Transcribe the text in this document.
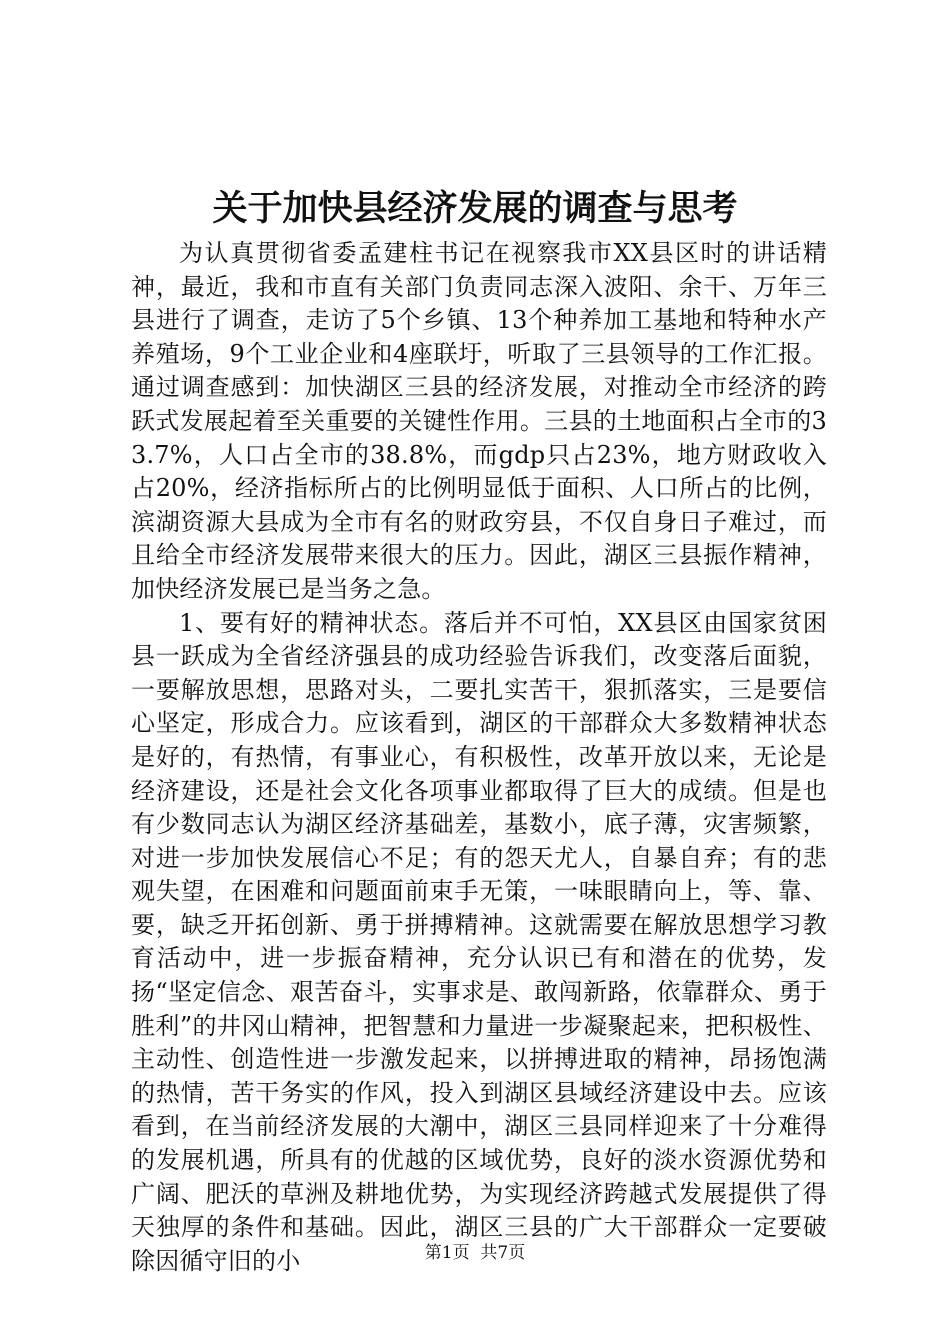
关于加快县经济发展的调查与思考

为认真贯彻省委孟建柱书记在视察我市XX县区时的讲话精神，最近，我和市直有关部门负责同志深入波阳、余干、万年三县进行了调查，走访了5个乡镇、13个种养加工基地和特种水产养殖场，9个工业企业和4座联圩，听取了三县领导的工作汇报。通过调查感到：加快湖区三县的经济发展，对推动全市经济的跨跃式发展起着至关重要的关键性作用。三县的土地面积占全市的33.7%，人口占全市的38.8%，而gdp只占23%，地方财政收入占20%，经济指标所占的比例明显低于面积、人口所占的比例，滨湖资源大县成为全市有名的财政穷县，不仅自身日子难过，而且给全市经济发展带来很大的压力。因此，湖区三县振作精神，加快经济发展已是当务之急。

1、要有好的精神状态。落后并不可怕，XX县区由国家贫困县一跃成为全省经济强县的成功经验告诉我们，改变落后面貌，一要解放思想，思路对头，二要扎实苦干，狠抓落实，三是要信心坚定，形成合力。应该看到，湖区的干部群众大多数精神状态是好的，有热情，有事业心，有积极性，改革开放以来，无论是经济建设，还是社会文化各项事业都取得了巨大的成绩。但是也有少数同志认为湖区经济基础差，基数小，底子薄，灾害频繁，对进一步加快发展信心不足；有的怨天尤人，自暴自弃；有的悲观失望，在困难和问题面前束手无策，一味眼睛向上，等、靠、要，缺乏开拓创新、勇于拼搏精神。这就需要在解放思想学习教育活动中，进一步振奋精神，充分认识已有和潜在的优势，发扬“坚定信念、艰苦奋斗，实事求是、敢闯新路，依靠群众、勇于胜利”的井冈山精神，把智慧和力量进一步凝聚起来，把积极性、主动性、创造性进一步激发起来，以拼搏进取的精神，昂扬饱满的热情，苦干务实的作风，投入到湖区县域经济建设中去。应该看到，在当前经济发展的大潮中，湖区三县同样迎来了十分难得的发展机遇，所具有的优越的区域优势，良好的淡水资源优势和广阔、肥沃的草洲及耕地优势，为实现经济跨越式发展提供了得天独厚的条件和基础。因此，湖区三县的广大干部群众一定要破除因循守旧的小	第1页 共7页
